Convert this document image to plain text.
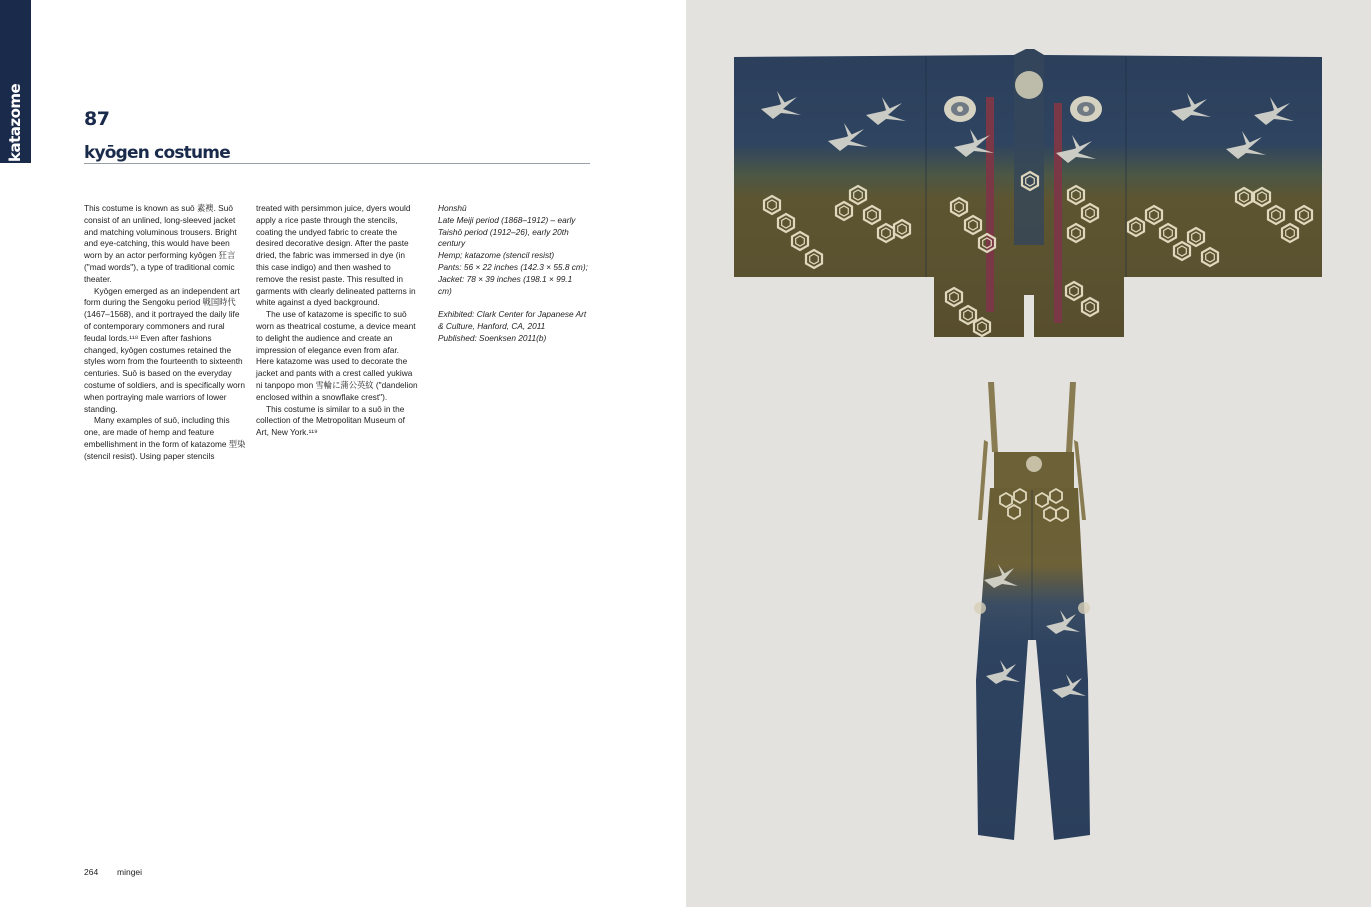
katazome	87
kyōgen costume

This costume is known as suō 素襖. Suō consist of an unlined, long-sleeved jacket and matching voluminous trousers. Bright and eye-catching, this would have been worn by an actor performing kyōgen 狂言 ("mad words"), a type of traditional comic theater.

Kyōgen emerged as an independent art form during the Sengoku period 戦国時代 (1467–1568), and it portrayed the daily life of contemporary commoners and rural feudal lords.¹¹⁸ Even after fashions changed, kyōgen costumes retained the styles worn from the fourteenth to sixteenth centuries. Suō is based on the everyday costume of soldiers, and is specifically worn when portraying male warriors of lower standing.

Many examples of suō, including this one, are made of hemp and feature embellishment in the form of katazome 型染 (stencil resist). Using paper stencils

treated with persimmon juice, dyers would apply a rice paste through the stencils, coating the undyed fabric to create the desired decorative design. After the paste dried, the fabric was immersed in dye (in this case indigo) and then washed to remove the resist paste. This resulted in garments with clearly delineated patterns in white against a dyed background.

The use of katazome is specific to suō worn as theatrical costume, a device meant to delight the audience and create an impression of elegance even from afar. Here katazome was used to decorate the jacket and pants with a crest called yukiwa ni tanpopo mon 雪輪に蒲公英紋 ("dandelion enclosed within a snowflake crest").

This costume is similar to a suō in the collection of the Metropolitan Museum of Art, New York.¹¹⁹

Honshū
Late Meiji period (1868–1912) – early Taishō period (1912–26), early 20th century
Hemp; katazome (stencil resist)
Pants: 56 × 22 inches (142.3 × 55.8 cm);
Jacket: 78 × 39 inches (198.1 × 99.1 cm)
Exhibited: Clark Center for Japanese Art & Culture, Hanford, CA, 2011
Published: Soenksen 2011(b)
264 mingei
